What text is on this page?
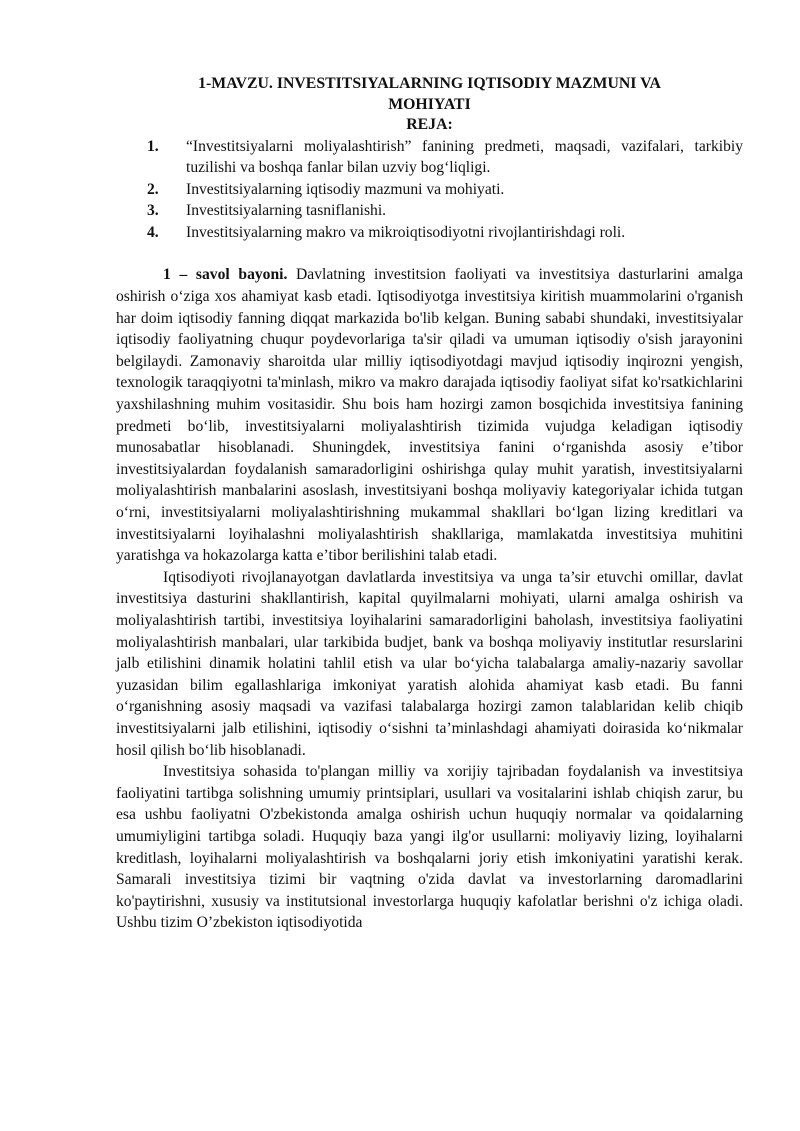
1-MAVZU. INVESTITSIYALARNING IQTISODIY MAZMUNI VA
MOHIYATI
REJA:
1.	“Investitsiyalarni moliyalashtirish” fanining predmeti, maqsadi, vazifalari, tarkibiy tuzilishi va boshqa fanlar bilan uzviy bog‘liqligi.
2.	Investitsiyalarning iqtisodiy mazmuni va mohiyati.
3.	Investitsiyalarning tasniflanishi.
4.	Investitsiyalarning makro va mikroiqtisodiyotni rivojlantirishdagi roli.

1 – savol bayoni. Davlatning investitsion faoliyati va investitsiya dasturlarini amalga oshirish o‘ziga xos ahamiyat kasb etadi. Iqtisodiyotga investitsiya kiritish muammolarini o'rganish har doim iqtisodiy fanning diqqat markazida bo'lib kelgan. Buning sababi shundaki, investitsiyalar iqtisodiy faoliyatning chuqur poydevorlariga ta'sir qiladi va umuman iqtisodiy o'sish jarayonini belgilaydi. Zamonaviy sharoitda ular milliy iqtisodiyotdagi mavjud iqtisodiy inqirozni yengish, texnologik taraqqiyotni ta'minlash, mikro va makro darajada iqtisodiy faoliyat sifat ko'rsatkichlarini yaxshilashning muhim vositasidir. Shu bois ham hozirgi zamon bosqichida investitsiya fanining predmeti bo‘lib, investitsiyalarni moliyalashtirish tizimida vujudga keladigan iqtisodiy munosabatlar hisoblanadi. Shuningdek, investitsiya fanini o‘rganishda asosiy e’tibor investitsiyalardan foydalanish samaradorligini oshirishga qulay muhit yaratish, investitsiyalarni moliyalashtirish manbalarini asoslash, investitsiyani boshqa moliyaviy kategoriyalar ichida tutgan o‘rni, investitsiyalarni moliyalashtirishning mukammal shakllari bo‘lgan lizing kreditlari va investitsiyalarni loyihalashni moliyalashtirish shakllariga, mamlakatda investitsiya muhitini yaratishga va hokazolarga katta e’tibor berilishini talab etadi.

Iqtisodiyoti rivojlanayotgan davlatlarda investitsiya va unga ta’sir etuvchi omillar, davlat investitsiya dasturini shakllantirish, kapital quyilmalarni mohiyati, ularni amalga oshirish va moliyalashtirish tartibi, investitsiya loyihalarini samaradorligini baholash, investitsiya faoliyatini moliyalashtirish manbalari, ular tarkibida budjet, bank va boshqa moliyaviy institutlar resurslarini jalb etilishini dinamik holatini tahlil etish va ular bo‘yicha talabalarga amaliy-nazariy savollar yuzasidan bilim egallashlariga imkoniyat yaratish alohida ahamiyat kasb etadi. Bu fanni o‘rganishning asosiy maqsadi va vazifasi talabalarga hozirgi zamon talablaridan kelib chiqib investitsiyalarni jalb etilishini, iqtisodiy o‘sishni ta’minlashdagi ahamiyati doirasida ko‘nikmalar hosil qilish bo‘lib hisoblanadi.

Investitsiya sohasida to'plangan milliy va xorijiy tajribadan foydalanish va investitsiya faoliyatini tartibga solishning umumiy printsiplari, usullari va vositalarini ishlab chiqish zarur, bu esa ushbu faoliyatni O'zbekistonda amalga oshirish uchun huquqiy normalar va qoidalarning umumiyligini tartibga soladi. Huquqiy baza yangi ilg'or usullarni: moliyaviy lizing, loyihalarni kreditlash, loyihalarni moliyalashtirish va boshqalarni joriy etish imkoniyatini yaratishi kerak. Samarali investitsiya tizimi bir vaqtning o'zida davlat va investorlarning daromadlarini ko'paytirishni, xususiy va institutsional investorlarga huquqiy kafolatlar berishni o'z ichiga oladi. Ushbu tizim O’zbekiston iqtisodiyotida
